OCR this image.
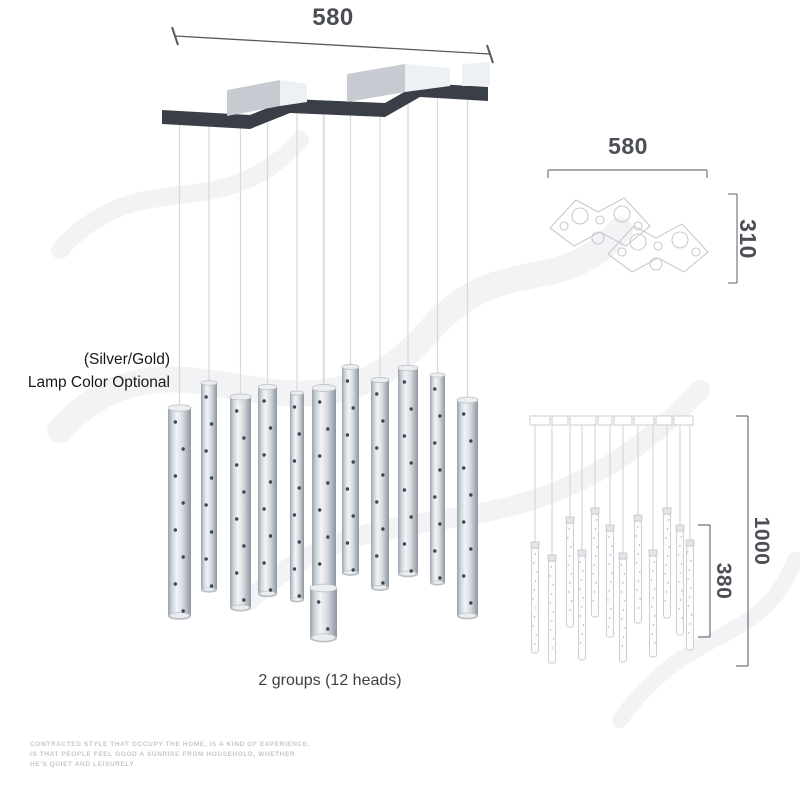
580
580
310
1000
380
(Silver/Gold)
Lamp Color Optional
2 groups (12 heads)
CONTRACTED STYLE THAT OCCUPY THE HOME, IS A KIND OF EXPERIENCE,
IS THAT PEOPLE FEEL GOOD A SUNRISE FROM HOUSEHOLD, WHETHER
HE'S QUIET AND LEISURELY
